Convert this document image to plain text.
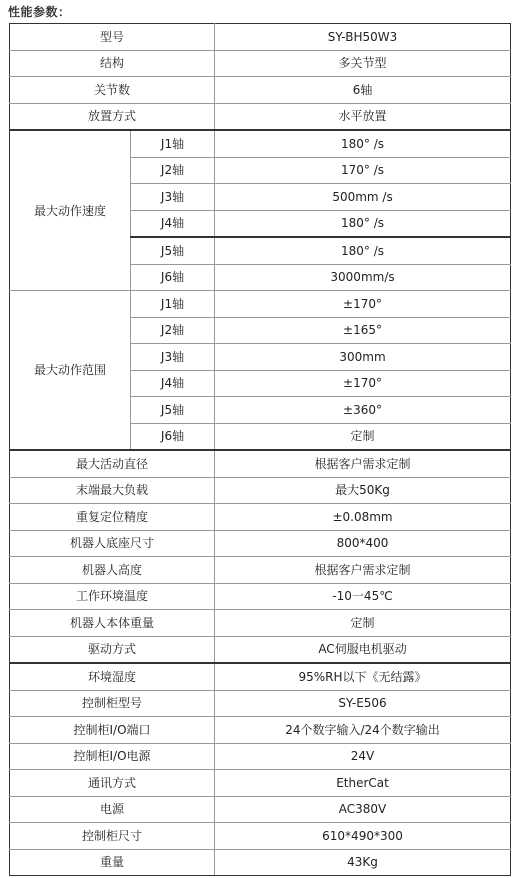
性能参数：
型号		SY-BH50W3
结构		多关节型
关节数		6轴
放置方式		水平放置
最大动作速度	J1轴	180° /s
	J2轴	170° /s
	J3轴	500mm /s
	J4轴	180° /s
	J5轴	180° /s
	J6轴	3000mm/s
最大动作范围	J1轴	±170°
	J2轴	±165°
	J3轴	300mm
	J4轴	±170°
	J5轴	±360°
	J6轴	定制
最大活动直径		根据客户需求定制
末端最大负载		最大50Kg
重复定位精度		±0.08mm
机器人底座尺寸		800*400
机器人高度		根据客户需求定制
工作环境温度		-10一45℃
机器人本体重量		定制
驱动方式		AC伺服电机驱动
环境湿度		95%RH以下《无结露》
控制柜型号		SY-E506
控制柜I/O端口		24个数字输入/24个数字输出
控制柜I/O电源		24V
通讯方式		EtherCat
电源		AC380V
控制柜尺寸		610*490*300
重量		43Kg
